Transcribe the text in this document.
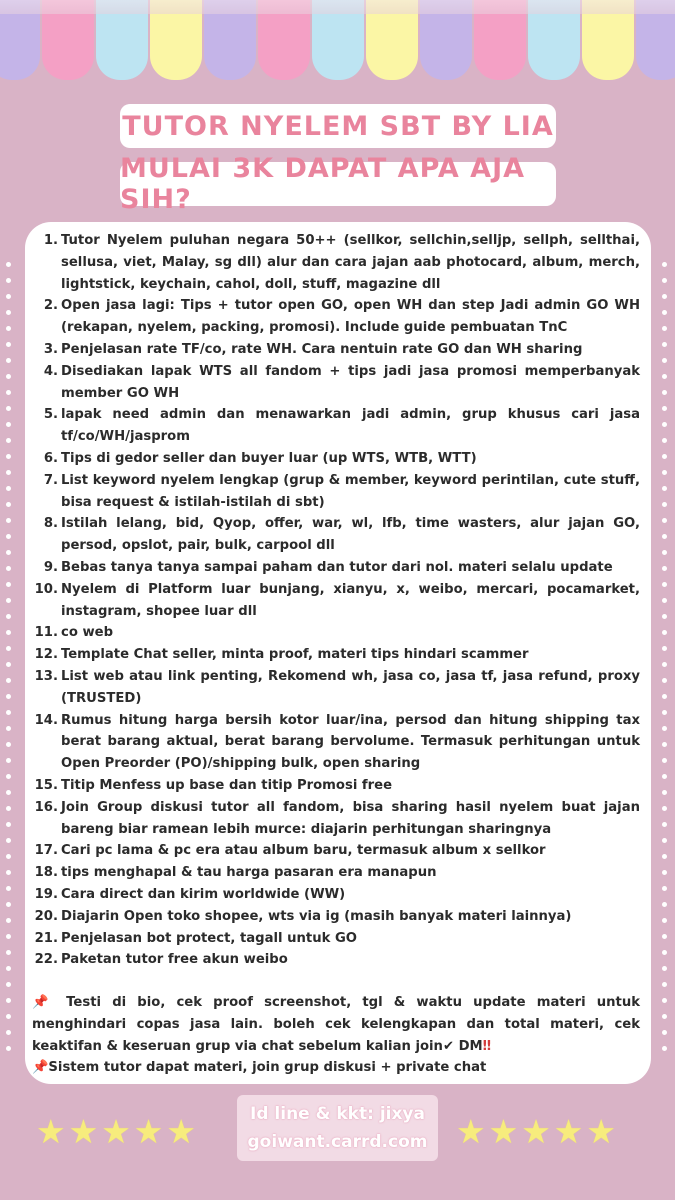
TUTOR NYELEM SBT BY LIA
MULAI 3K DAPAT APA AJA SIH?
1. Tutor Nyelem puluhan negara 50++ (sellkor, sellchin,selljp, sellph, sellthai, sellusa, viet, Malay, sg dll) alur dan cara jajan aab photocard, album, merch, lightstick, keychain, cahol, doll, stuff, magazine dll
2. Open jasa lagi: Tips + tutor open GO, open WH dan step Jadi admin GO WH (rekapan, nyelem, packing, promosi). Include guide pembuatan TnC
3. Penjelasan rate TF/co, rate WH. Cara nentuin rate GO dan WH sharing
4. Disediakan lapak WTS all fandom + tips jadi jasa promosi memperbanyak member GO WH
5. lapak need admin dan menawarkan jadi admin, grup khusus cari jasa tf/co/WH/jasprom
6. Tips di gedor seller dan buyer luar (up WTS, WTB, WTT)
7. List keyword nyelem lengkap (grup & member, keyword perintilan, cute stuff, bisa request & istilah-istilah di sbt)
8. Istilah lelang, bid, Qyop, offer, war, wl, lfb, time wasters, alur jajan GO, persod, opslot, pair, bulk, carpool dll
9. Bebas tanya tanya sampai paham dan tutor dari nol. materi selalu update
10. Nyelem di Platform luar bunjang, xianyu, x, weibo, mercari, pocamarket, instagram, shopee luar dll
11. co web
12. Template Chat seller, minta proof, materi tips hindari scammer
13. List web atau link penting, Rekomend wh, jasa co, jasa tf, jasa refund, proxy (TRUSTED)
14. Rumus hitung harga bersih kotor luar/ina, persod dan hitung shipping tax berat barang aktual, berat barang bervolume. Termasuk perhitungan untuk Open Preorder (PO)/shipping bulk, open sharing
15. Titip Menfess up base dan titip Promosi free
16. Join Group diskusi tutor all fandom, bisa sharing hasil nyelem buat jajan bareng biar ramean lebih murce: diajarin perhitungan sharingnya
17. Cari pc lama & pc era atau album baru, termasuk album x sellkor
18. tips menghapal & tau harga pasaran era manapun
19. Cara direct dan kirim worldwide (WW)
20. Diajarin Open toko shopee, wts via ig (masih banyak materi lainnya)
21. Penjelasan bot protect, tagall untuk GO
22. Paketan tutor free akun weibo

📌 Testi di bio, cek proof screenshot, tgl & waktu update materi untuk menghindari copas jasa lain. boleh cek kelengkapan dan total materi, cek keaktifan & keseruan grup via chat sebelum kalian join✔ DM‼

📌Sistem tutor dapat materi, join grup diskusi + private chat

★ ★ ★ ★ ★	Id line & kkt: jixya
goiwant.carrd.com ★ ★ ★ ★ ★
